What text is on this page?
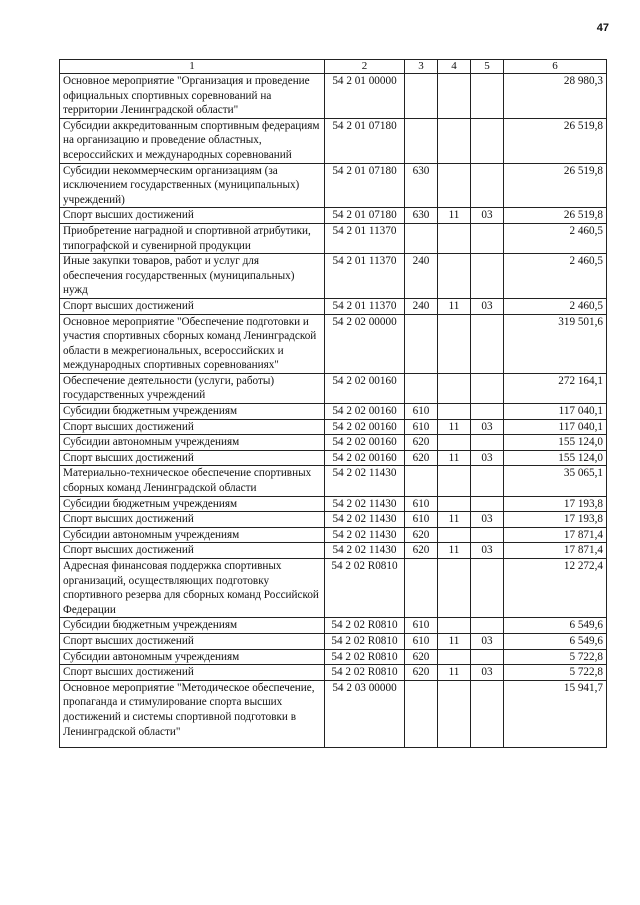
47
1	2	3	4	5	6
Основное мероприятие "Организация и проведение официальных спортивных соревнований на территории Ленинградской области"	54 2 01 00000				28 980,3
Субсидии аккредитованным спортивным федерациям на организацию и проведение областных, всероссийских и международных соревнований	54 2 01 07180				26 519,8
Субсидии некоммерческим организациям (за исключением государственных (муниципальных) учреждений)	54 2 01 07180	630			26 519,8
Спорт высших достижений	54 2 01 07180	630	11	03	26 519,8
Приобретение наградной и спортивной атрибутики, типографской и сувенирной продукции	54 2 01 11370				2 460,5
Иные закупки товаров, работ и услуг для обеспечения государственных (муниципальных) нужд	54 2 01 11370	240			2 460,5
Спорт высших достижений	54 2 01 11370	240	11	03	2 460,5
Основное мероприятие "Обеспечение подготовки и участия спортивных сборных команд Ленинградской области в межрегиональных, всероссийских и международных спортивных соревнованиях"	54 2 02 00000				319 501,6
Обеспечение деятельности (услуги, работы) государственных учреждений	54 2 02 00160				272 164,1
Субсидии бюджетным учреждениям	54 2 02 00160	610			117 040,1
Спорт высших достижений	54 2 02 00160	610	11	03	117 040,1
Субсидии автономным учреждениям	54 2 02 00160	620			155 124,0
Спорт высших достижений	54 2 02 00160	620	11	03	155 124,0
Материально-техническое обеспечение спортивных сборных команд Ленинградской области	54 2 02 11430				35 065,1
Субсидии бюджетным учреждениям	54 2 02 11430	610			17 193,8
Спорт высших достижений	54 2 02 11430	610	11	03	17 193,8
Субсидии автономным учреждениям	54 2 02 11430	620			17 871,4
Спорт высших достижений	54 2 02 11430	620	11	03	17 871,4
Адресная финансовая поддержка спортивных организаций, осуществляющих подготовку спортивного резерва для сборных команд Российской Федерации	54 2 02 R0810				12 272,4
Субсидии бюджетным учреждениям	54 2 02 R0810	610			6 549,6
Спорт высших достижений	54 2 02 R0810	610	11	03	6 549,6
Субсидии автономным учреждениям	54 2 02 R0810	620			5 722,8
Спорт высших достижений	54 2 02 R0810	620	11	03	5 722,8
Основное мероприятие "Методическое обеспечение, пропаганда и стимулирование спорта высших достижений и системы спортивной подготовки в Ленинградской области"	54 2 03 00000				15 941,7
